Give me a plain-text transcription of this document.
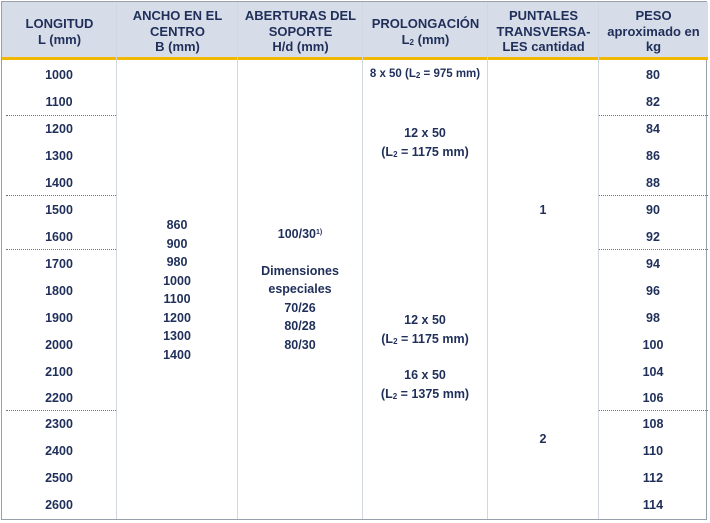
LONGITUD
L (mm)
ANCHO EN EL
CENTRO
B (mm)
ABERTURAS DEL
SOPORTE
H/d (mm)
PROLONGACIÓN
$L_2$ (mm)
PUNTALES
TRANSVERSA-
LES cantidad
PESO
aproximado en
kg
1000
1100
1200
1300
1400
1500
1600
1700
1800
1900
2000
2100
2200
2300
2400
2500
2600
80
82
84
86
88
90
92
94
96
98
100
104
106
108
110
112
114
860
900
980
1000
1100
1200
1300
1400
100/30$^{1)}$
Dimensiones
especiales
70/26
80/28
80/30
8 x 50 ($L_2 = 975$ mm)
12 x 50
($L_2 = 1175$ mm)
12 x 50
($L_2 = 1175$ mm)
16 x 50
($L_2 = 1375$ mm)
1
2
